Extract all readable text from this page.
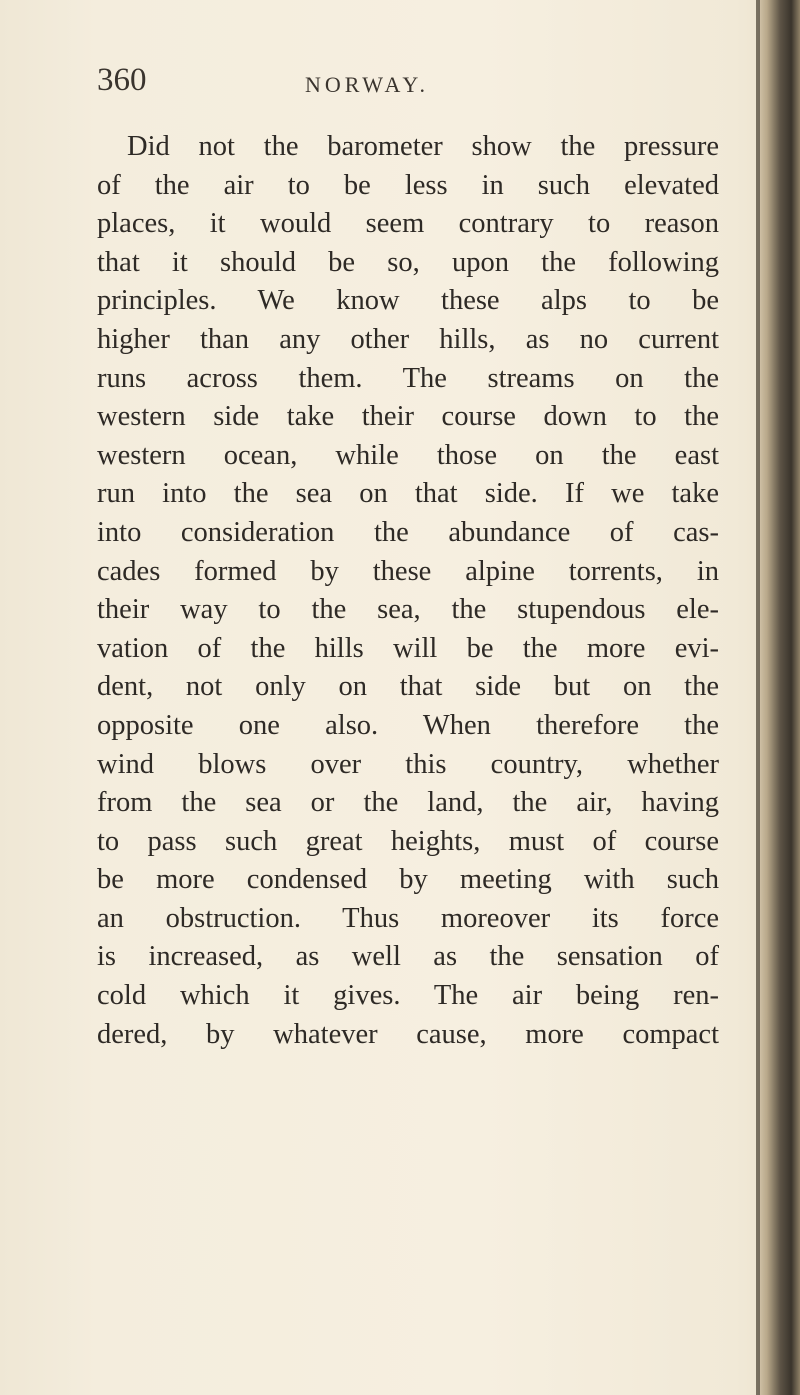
360	NORWAY.
Did not the barometer show the pressure
of the air to be less in such elevated
places, it would seem contrary to reason
that it should be so, upon the following
principles. We know these alps to be
higher than any other hills, as no current
runs across them. The streams on the
western side take their course down to the
western ocean, while those on the east
run into the sea on that side. If we take
into consideration the abundance of cas-
cades formed by these alpine torrents, in
their way to the sea, the stupendous ele-
vation of the hills will be the more evi-
dent, not only on that side but on the
opposite one also. When therefore the
wind blows over this country, whether
from the sea or the land, the air, having
to pass such great heights, must of course
be more condensed by meeting with such
an obstruction. Thus moreover its force
is increased, as well as the sensation of
cold which it gives. The air being ren-
dered, by whatever cause, more compact
